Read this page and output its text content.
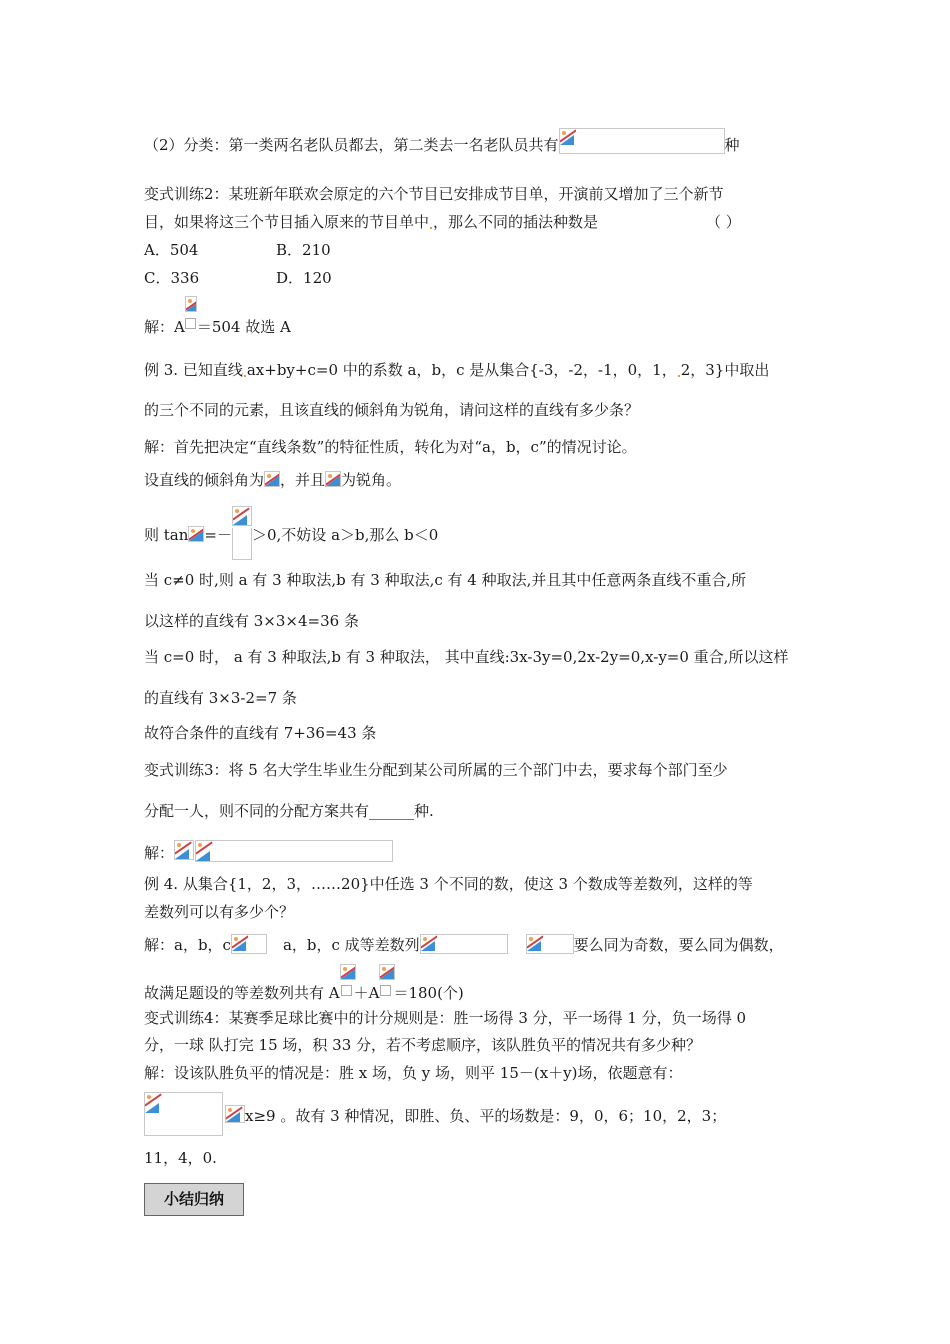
（2）分类：第一类两名老队员都去，第二类去一名老队员共有	种
变式训练2：某班新年联欢会原定的六个节目已安排成节目单，开演前又增加了三个新节
目，如果将这三个节目插入原来的节目单中 ，那么不同的插法种数是	（ ）
A．504	B．210
C．336	D．120
解：A ＝504 故选 A
例 3. 已知直线 ax+by+c=0 中的系数 a，b，c 是从集合{-3，-2，-1，0，1， 2，3}中取出
的三个不同的元素，且该直线的倾斜角为锐角，请问这样的直线有多少条？
解：首先把决定“直线条数”的特征性质，转化为对“a，b，c”的情况讨论。
设直线的倾斜角为 ，并且 为锐角。
则 tan =－ ＞0,不妨设 a＞b,那么 b＜0
当 c≠0 时,则 a 有 3 种取法,b 有 3 种取法,c 有 4 种取法,并且其中任意两条直线不重合,所
以这样的直线有 3×3×4=36 条
当 c=0 时， a 有 3 种取法,b 有 3 种取法， 其中直线:3x-3y=0,2x-2y=0,x-y=0 重合,所以这样
的直线有 3×3-2=7 条
故符合条件的直线有 7+36=43 条
变式训练3：将 5 名大学生毕业生分配到某公司所属的三个部门中去，要求每个部门至少
分配一人，则不同的分配方案共有______种.
解：
例 4. 从集合{1，2，3，……20}中任选 3 个不同的数，使这 3 个数成等差数列，这样的等
差数列可以有多少个？
解：a，b，c	a，b，c 成等差数列	要么同为奇数，要么同为偶数，
故满足题设的等差数列共有 A ＋A ＝180(个)
变式训练4：某赛季足球比赛中的计分规则是：胜一场得 3 分，平一场得 1 分，负一场得 0
分，一球 队打完 15 场，积 33 分，若不考虑顺序，该队胜负平的情况共有多少种？
解：设该队胜负平的情况是：胜 x 场，负 y 场，则平 15－(x＋y)场，依题意有：
x≥9 。故有 3 种情况，即胜、负、平的场数是：9，0，6；10，2，3；
11，4，0.
小结归纳
